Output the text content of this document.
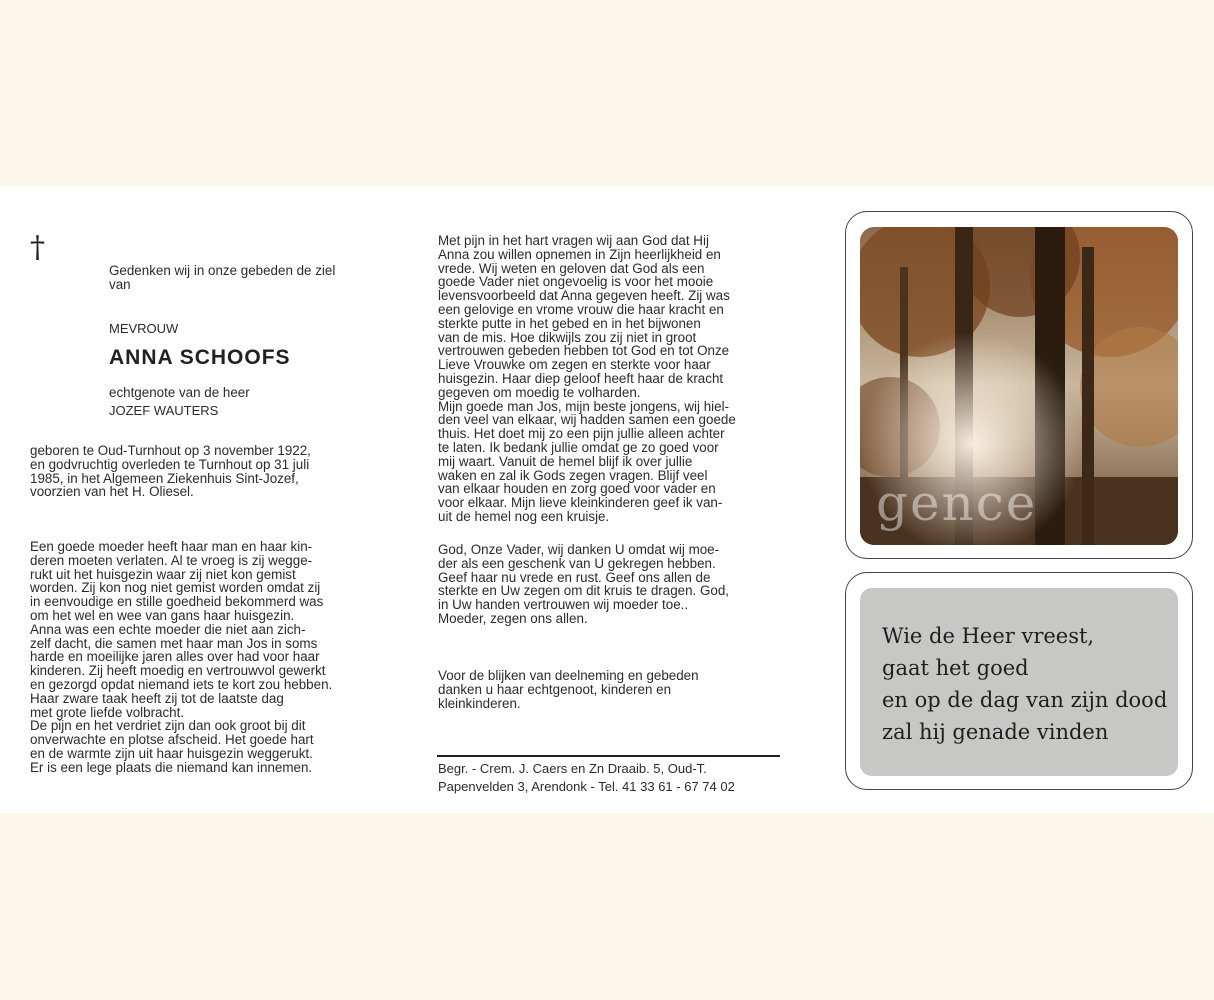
†

Gedenken wij in onze gebeden de ziel
van

MEVROUW
ANNA SCHOOFS
echtgenote van de heer
JOZEF WAUTERS

geboren te Oud-Turnhout op 3 november 1922,
en godvruchtig overleden te Turnhout op 31 juli
1985, in het Algemeen Ziekenhuis Sint-Jozef,
voorzien van het H. Oliesel.

Een goede moeder heeft haar man en haar kin-
deren moeten verlaten. Al te vroeg is zij wegge-
rukt uit het huisgezin waar zij niet kon gemist
worden. Zij kon nog niet gemist worden omdat zij
in eenvoudige en stille goedheid bekommerd was
om het wel en wee van gans haar huisgezin.
Anna was een echte moeder die niet aan zich-
zelf dacht, die samen met haar man Jos in soms
harde en moeilijke jaren alles over had voor haar
kinderen. Zij heeft moedig en vertrouwvol gewerkt
en gezorgd opdat niemand iets te kort zou hebben.
Haar zware taak heeft zij tot de laatste dag
met grote liefde volbracht.
De pijn en het verdriet zijn dan ook groot bij dit
onverwachte en plotse afscheid. Het goede hart
en de warmte zijn uit haar huisgezin weggerukt.
Er is een lege plaats die niemand kan innemen.

Met pijn in het hart vragen wij aan God dat Hij
Anna zou willen opnemen in Zijn heerlijkheid en
vrede. Wij weten en geloven dat God als een
goede Vader niet ongevoelig is voor het mooie
levensvoorbeeld dat Anna gegeven heeft. Zij was
een gelovige en vrome vrouw die haar kracht en
sterkte putte in het gebed en in het bijwonen
van de mis. Hoe dikwijls zou zij niet in groot
vertrouwen gebeden hebben tot God en tot Onze
Lieve Vrouwke om zegen en sterkte voor haar
huisgezin. Haar diep geloof heeft haar de kracht
gegeven om moedig te volharden.
Mijn goede man Jos, mijn beste jongens, wij hiel-
den veel van elkaar, wij hadden samen een goede
thuis. Het doet mij zo een pijn jullie alleen achter
te laten. Ik bedank jullie omdat ge zo goed voor
mij waart. Vanuit de hemel blijf ik over jullie
waken en zal ik Gods zegen vragen. Blijf veel
van elkaar houden en zorg goed voor vader en
voor elkaar. Mijn lieve kleinkinderen geef ik van-
uit de hemel nog een kruisje.

God, Onze Vader, wij danken U omdat wij moe-
der als een geschenk van U gekregen hebben.
Geef haar nu vrede en rust. Geef ons allen de
sterkte en Uw zegen om dit kruis te dragen. God,
in Uw handen vertrouwen wij moeder toe..
Moeder, zegen ons allen.

Voor de blijken van deelneming en gebeden
danken u haar echtgenoot, kinderen en
kleinkinderen.

Begr. - Crem. J. Caers en Zn Draaib. 5, Oud-T.
Papenvelden 3, Arendonk - Tel. 41 33 61 - 67 74 02
gence
Wie de Heer vreest,
gaat het goed
en op de dag van zijn dood
zal hij genade vinden
